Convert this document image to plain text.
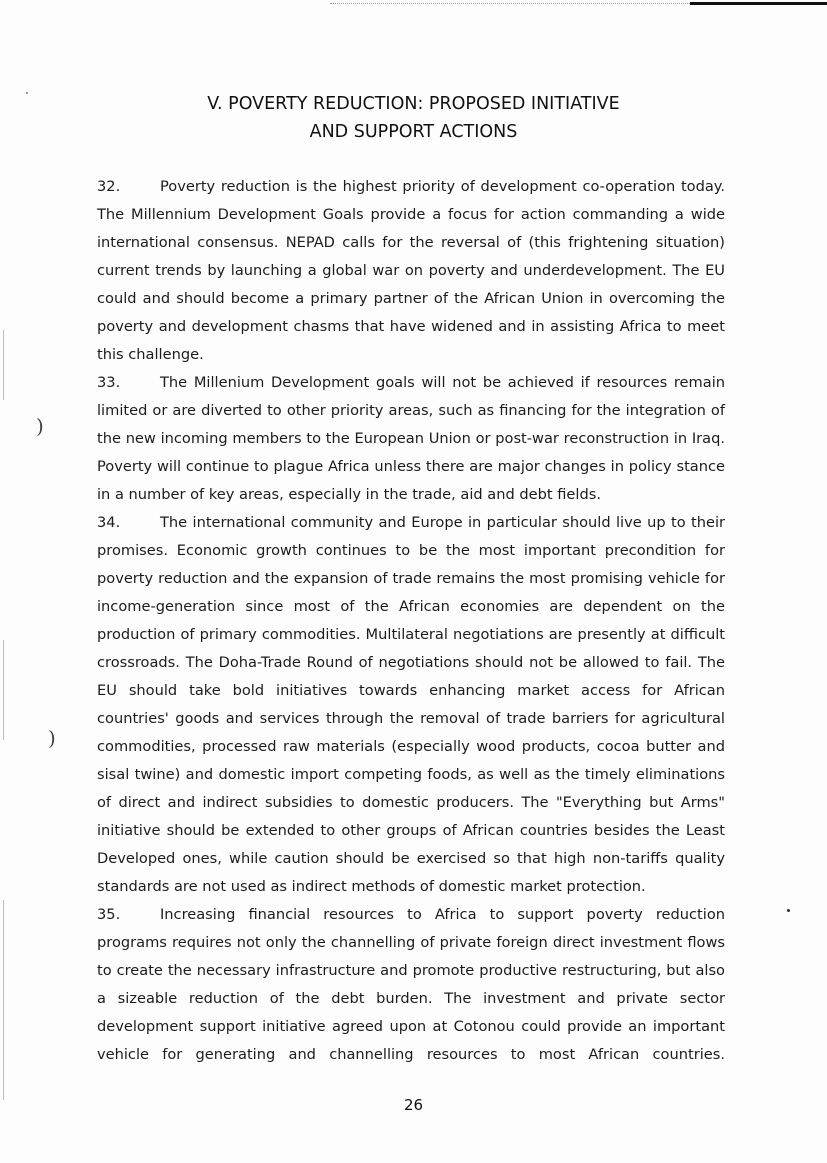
)
)
V. POVERTY REDUCTION: PROPOSED INITIATIVE
AND SUPPORT ACTIONS

32.	Poverty reduction is the highest priority of development co-operation today. The Millennium Development Goals provide a focus for action commanding a wide international consensus. NEPAD calls for the reversal of (this frightening situation) current trends by launching a global war on poverty and underdevelopment. The EU could and should become a primary partner of the African Union in overcoming the poverty and development chasms that have widened and in assisting Africa to meet this challenge.

33.	The Millenium Development goals will not be achieved if resources remain limited or are diverted to other priority areas, such as financing for the integration of the new incoming members to the European Union or post-war reconstruction in Iraq. Poverty will continue to plague Africa unless there are major changes in policy stance in a number of key areas, especially in the trade, aid and debt fields.

34.	The international community and Europe in particular should live up to their promises. Economic growth continues to be the most important precondition for poverty reduction and the expansion of trade remains the most promising vehicle for income-generation since most of the African economies are dependent on the production of primary commodities. Multilateral negotiations are presently at difficult crossroads. The Doha-Trade Round of negotiations should not be allowed to fail. The EU should take bold initiatives towards enhancing market access for African countries' goods and services through the removal of trade barriers for agricultural commodities, processed raw materials (especially wood products, cocoa butter and sisal twine) and domestic import competing foods, as well as the timely eliminations of direct and indirect subsidies to domestic producers. The "Everything but Arms" initiative should be extended to other groups of African countries besides the Least Developed ones, while caution should be exercised so that high non-tariffs quality standards are not used as indirect methods of domestic market protection.

35.	Increasing financial resources to Africa to support poverty reduction programs requires not only the channelling of private foreign direct investment flows to create the necessary infrastructure and promote productive restructuring, but also a sizeable reduction of the debt burden. The investment and private sector development support initiative agreed upon at Cotonou could provide an important vehicle for generating and channelling resources to most African countries.

26
